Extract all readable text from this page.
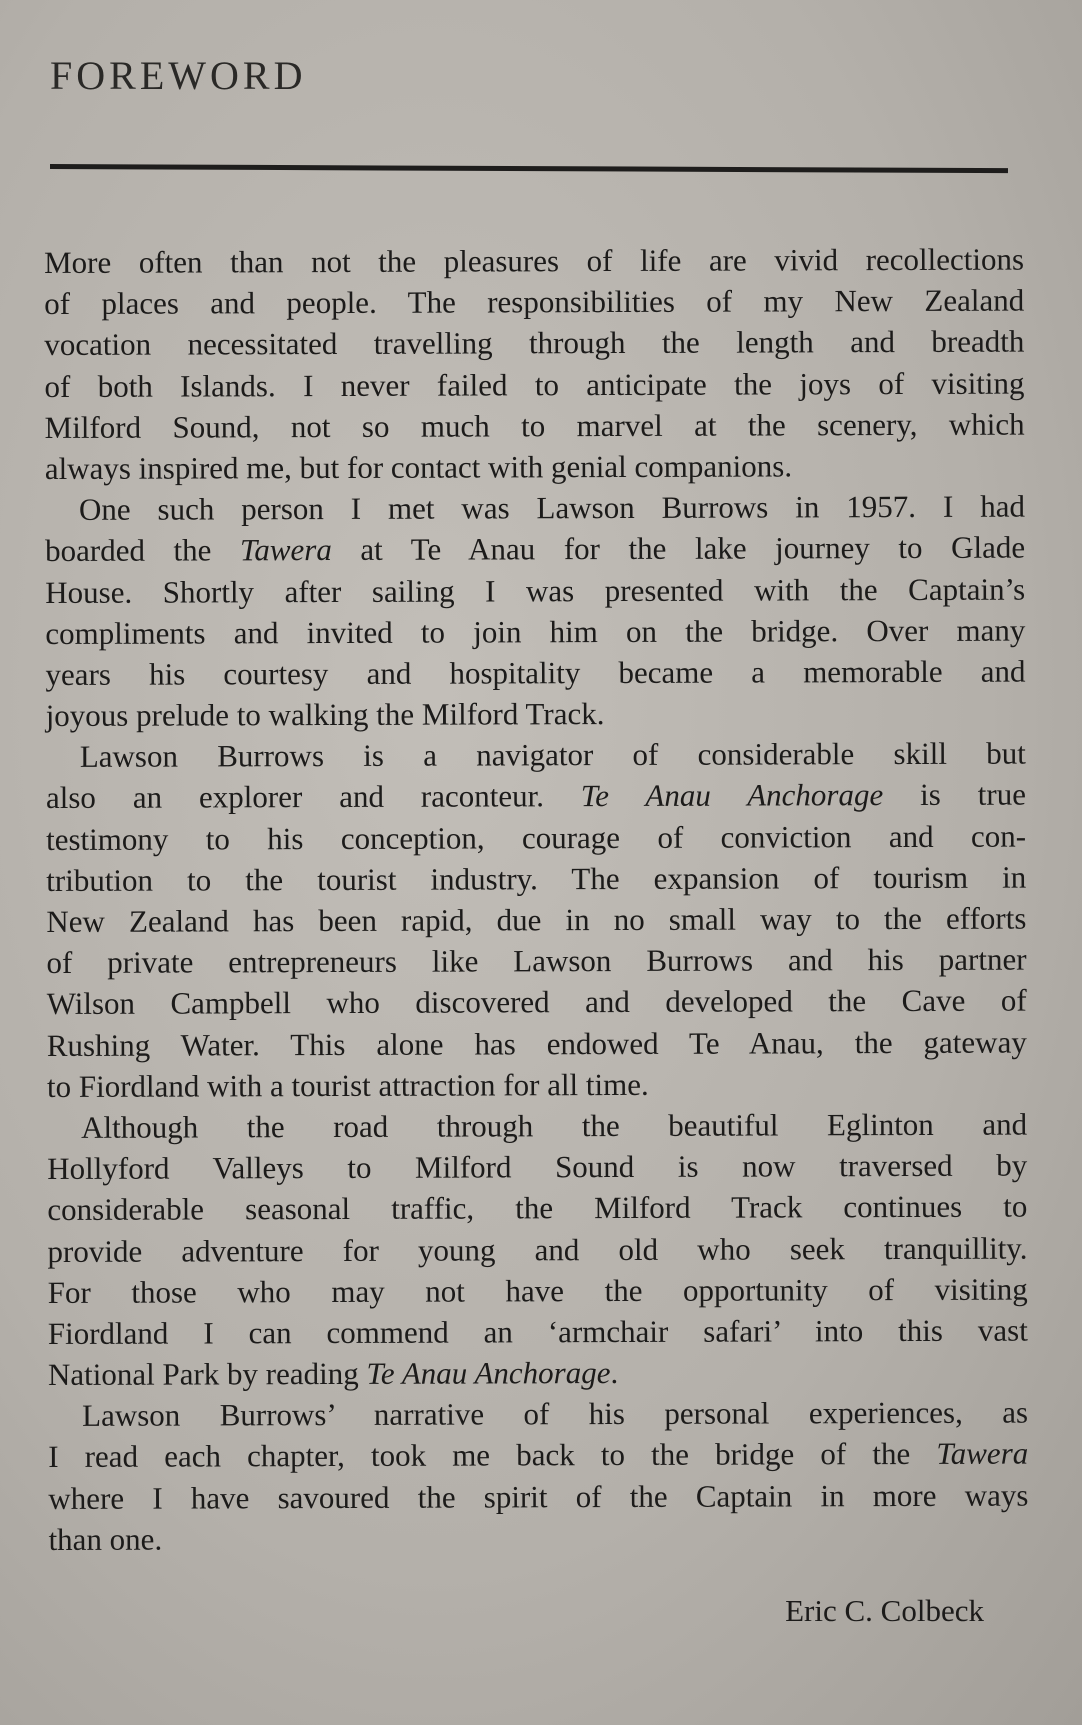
FOREWORD
More often than not the pleasures of life are vivid recollections
of places and people. The responsibilities of my New Zealand
vocation necessitated travelling through the length and breadth
of both Islands. I never failed to anticipate the joys of visiting
Milford Sound, not so much to marvel at the scenery, which
always inspired me, but for contact with genial companions.
One such person I met was Lawson Burrows in 1957. I had
boarded the Tawera at Te Anau for the lake journey to Glade
House. Shortly after sailing I was presented with the Captain’s
compliments and invited to join him on the bridge. Over many
years his courtesy and hospitality became a memorable and
joyous prelude to walking the Milford Track.
Lawson Burrows is a navigator of considerable skill but
also an explorer and raconteur. Te Anau Anchorage is true
testimony to his conception, courage of conviction and con-
tribution to the tourist industry. The expansion of tourism in
New Zealand has been rapid, due in no small way to the efforts
of private entrepreneurs like Lawson Burrows and his partner
Wilson Campbell who discovered and developed the Cave of
Rushing Water. This alone has endowed Te Anau, the gateway
to Fiordland with a tourist attraction for all time.
Although the road through the beautiful Eglinton and
Hollyford Valleys to Milford Sound is now traversed by
considerable seasonal traffic, the Milford Track continues to
provide adventure for young and old who seek tranquillity.
For those who may not have the opportunity of visiting
Fiordland I can commend an ‘armchair safari’ into this vast
National Park by reading Te Anau Anchorage.
Lawson Burrows’ narrative of his personal experiences, as
I read each chapter, took me back to the bridge of the Tawera
where I have savoured the spirit of the Captain in more ways
than one.
Eric C. Colbeck
